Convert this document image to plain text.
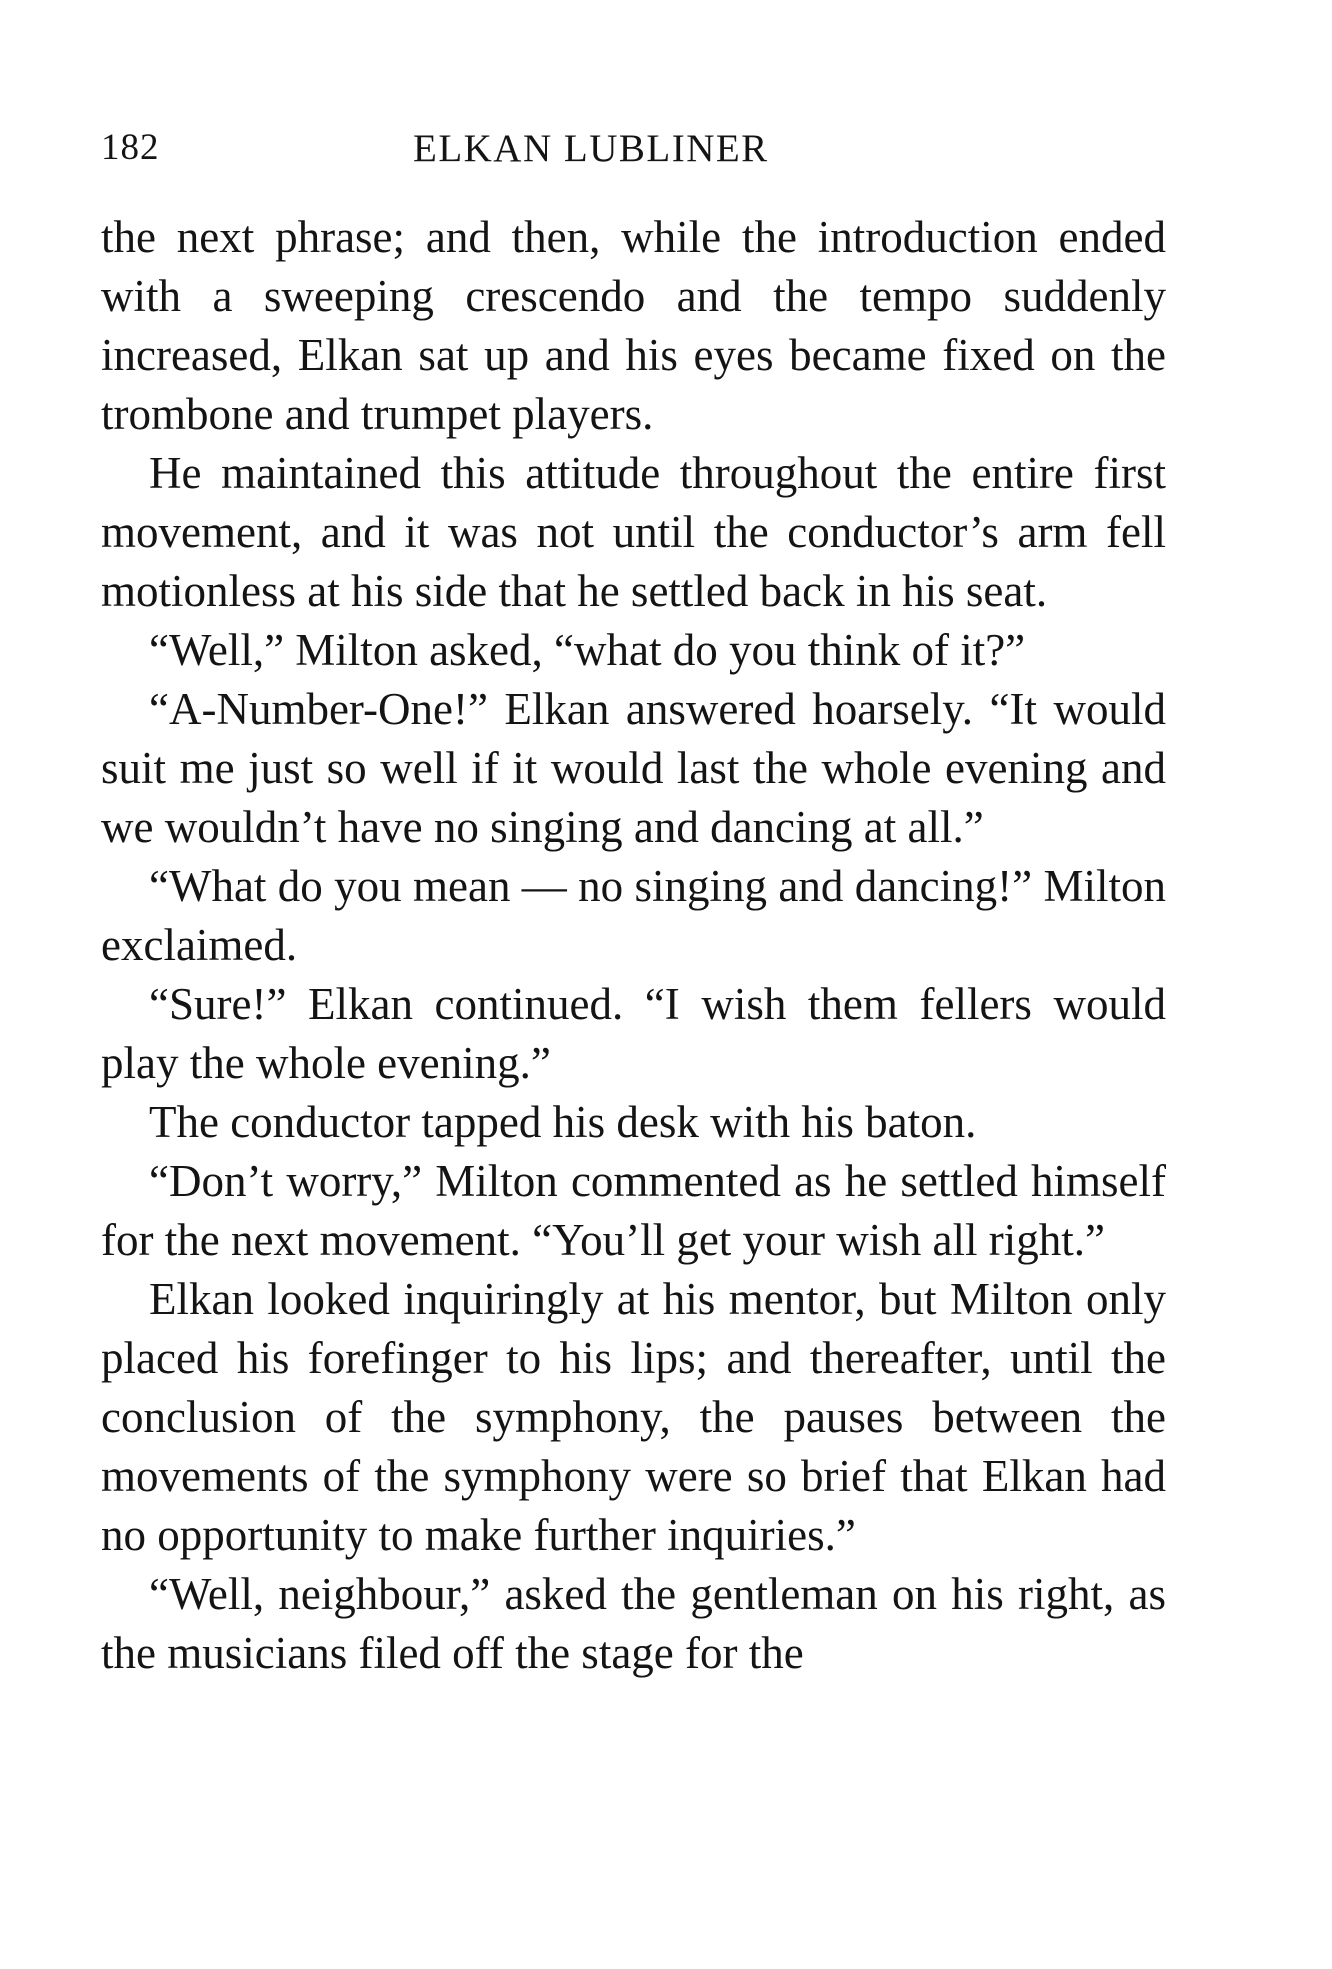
182	ELKAN LUBLINER

the next phrase; and then, while the introduction ended with a sweeping crescendo and the tempo suddenly increased, Elkan sat up and his eyes became fixed on the trombone and trumpet players.

He maintained this attitude throughout the entire first movement, and it was not until the conductor’s arm fell motionless at his side that he settled back in his seat.

“Well,” Milton asked, “what do you think of it?”

“A-Number-One!” Elkan answered hoarsely. “It would suit me just so well if it would last the whole evening and we wouldn’t have no singing and dancing at all.”

“What do you mean — no singing and dancing!” Milton exclaimed.

“Sure!” Elkan continued. “I wish them fellers would play the whole evening.”

The conductor tapped his desk with his baton.

“Don’t worry,” Milton commented as he settled himself for the next movement. “You’ll get your wish all right.”

Elkan looked inquiringly at his mentor, but Milton only placed his forefinger to his lips; and thereafter, until the conclusion of the symphony, the pauses between the movements of the symphony were so brief that Elkan had no opportunity to make further inquiries.”

“Well, neighbour,” asked the gentleman on his right, as the musicians filed off the stage for the
